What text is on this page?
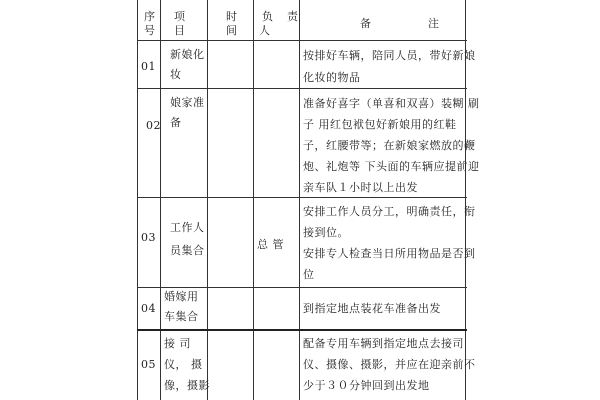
序
号
项
目
时
间
负 责
人
备	注
01
新娘化
妆
按排好车辆，陪同人员，带好新娘
化妆的物品
02
娘家准
备
准备好喜字（单喜和双喜）装糊 刷
子 用红包袱包好新娘用的红鞋
子，红腰带等；在新娘家燃放的鞭
炮、礼炮等 下头面的车辆应提前迎
亲车队１小时以上出发
03
工作人
员集合	总 管
安排工作人员分工，明确责任，衔
接到位。
安排专人检查当日所用物品是否到
位
04
婚嫁用
车集合
到指定地点装花车准备出发
05
接 司
仪， 摄
像，摄影
配备专用车辆到指定地点去接司
仪、摄像、摄影，并应在迎亲前不
少于３０分钟回到出发地
